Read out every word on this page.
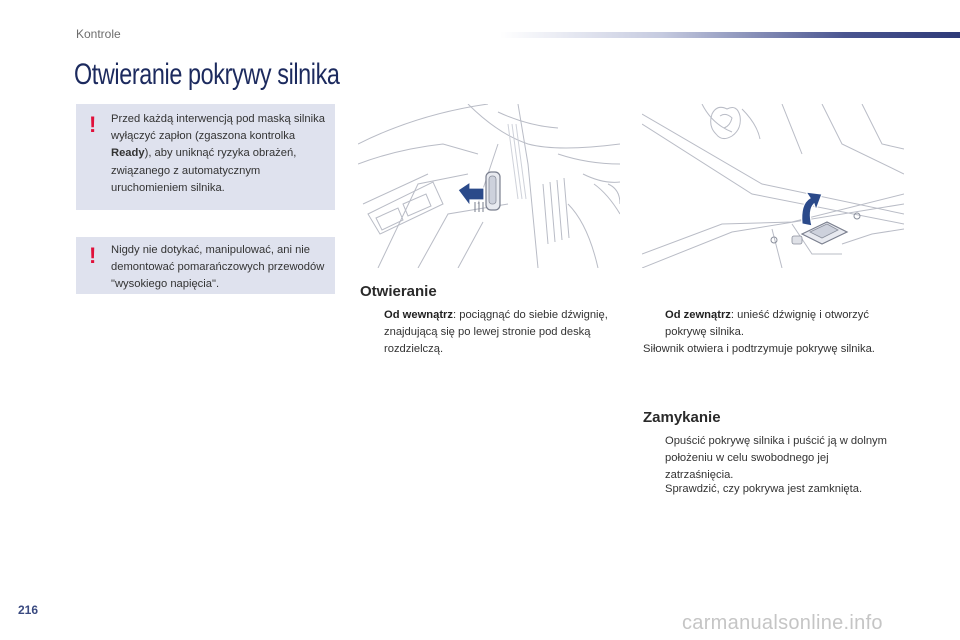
Kontrole
Otwieranie pokrywy silnika
! Przed każdą interwencją pod maską silnika wyłączyć zapłon (zgaszona kontrolka Ready), aby uniknąć ryzyka obrażeń, związanego z automatycznym uruchomieniem silnika.
! Nigdy nie dotykać, manipulować, ani nie demontować pomarańczowych przewodów "wysokiego napięcia".	Otwieranie
Od wewnątrz: pociągnąć do siebie dźwignię, znajdującą się po lewej stronie pod deską rozdzielczą.
Od zewnątrz: unieść dźwignię i otworzyć pokrywę silnika.
Siłownik otwiera i podtrzymuje pokrywę silnika.
Zamykanie
Opuścić pokrywę silnika i puścić ją w dolnym położeniu w celu swobodnego jej zatrzaśnięcia.
Sprawdzić, czy pokrywa jest zamknięta.
216
carmanualsonline.info
